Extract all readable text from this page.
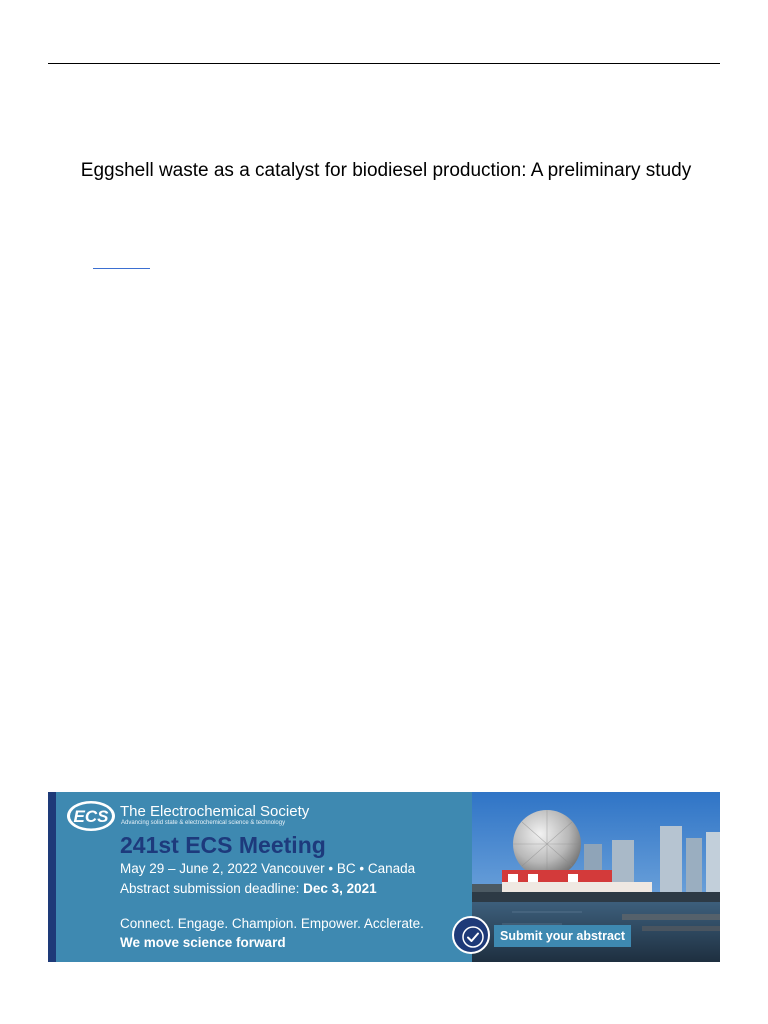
Eggshell waste as a catalyst for biodiesel production: A preliminary study
ECS The Electrochemical Society
Advancing solid state & electrochemical science & technology
241st ECS Meeting
May 29 – June 2, 2022 Vancouver • BC • Canada
Abstract submission deadline: Dec 3, 2021
Connect. Engage. Champion. Empower. Acclerate.
We move science forward	Submit your abstract
